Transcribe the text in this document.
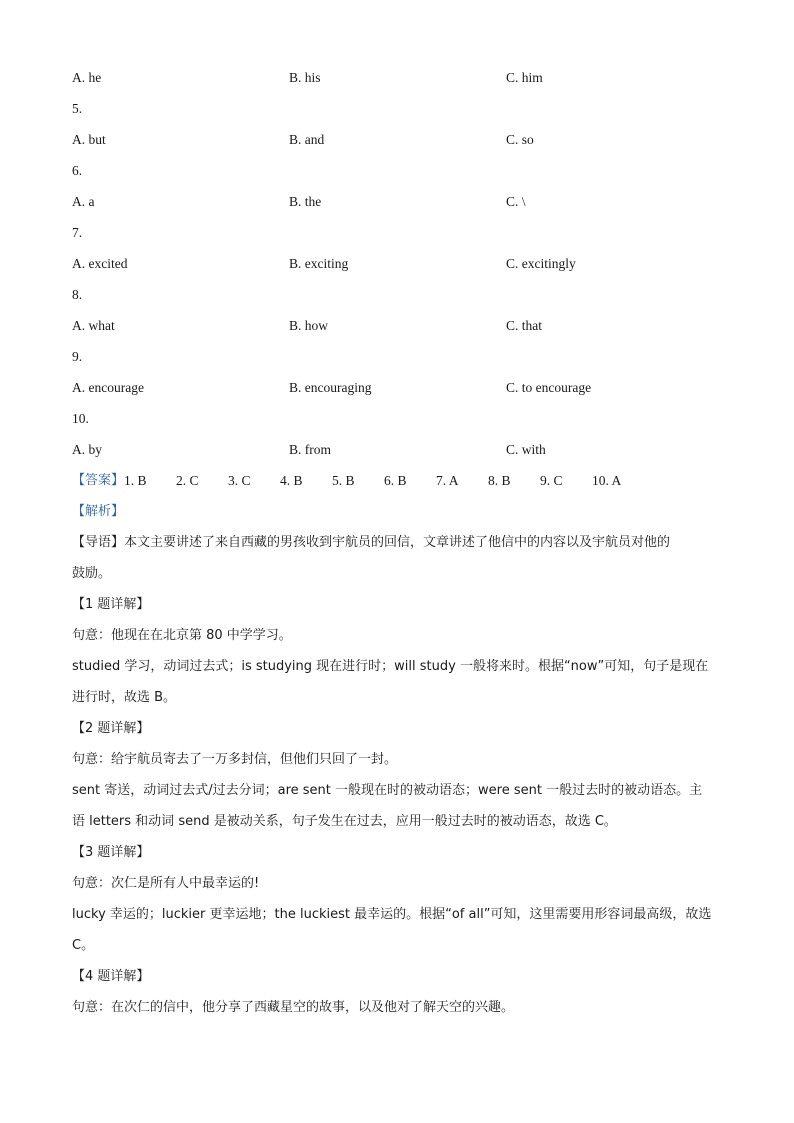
A. he	B. his	C. him
5.
A. but	B. and	C. so
6.
A. a	B. the	C. \
7.
A. excited	B. exciting	C. excitingly
8.
A. what	B. how	C. that
9.
A. encourage	B. encouraging	C. to encourage
10.
A. by	B. from	C. with
【答案】 1. B	2. C	3. C	4. B	5. B	6. B	7. A	8. B	9. C	10. A
【解析】
【导语】本文主要讲述了来自西藏的男孩收到宇航员的回信，文章讲述了他信中的内容以及宇航员对他的
鼓励。
【1 题详解】
句意：他现在在北京第 80 中学学习。
studied 学习，动词过去式；is studying 现在进行时；will study 一般将来时。根据“now”可知，句子是现在
进行时，故选 B。
【2 题详解】
句意：给宇航员寄去了一万多封信，但他们只回了一封。
sent 寄送，动词过去式/过去分词；are sent 一般现在时的被动语态；were sent 一般过去时的被动语态。主
语 letters 和动词 send 是被动关系，句子发生在过去，应用一般过去时的被动语态，故选 C。
【3 题详解】
句意：次仁是所有人中最幸运的!
lucky 幸运的；luckier 更幸运地；the luckiest 最幸运的。根据“of all”可知，这里需要用形容词最高级，故选
C。
【4 题详解】
句意：在次仁的信中，他分享了西藏星空的故事，以及他对了解天空的兴趣。
